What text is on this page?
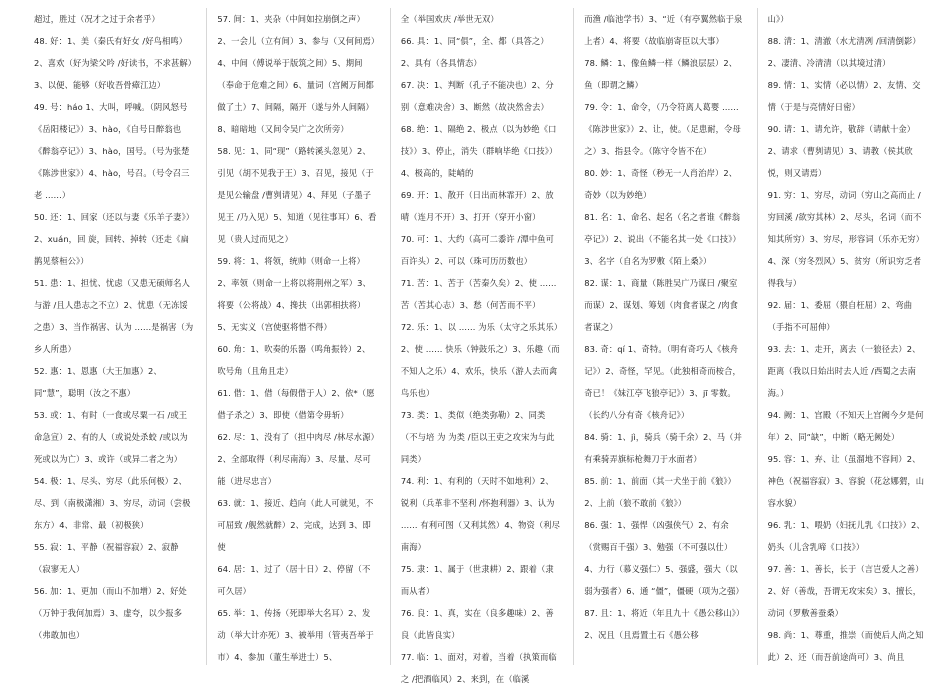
超过，胜过（况才之过于余者乎）

48. 好：1、美（秦氏有好女 /好鸟相鸣）2、喜欢（好为梁父吟 /好读书，不求甚解）3、以便、能够（好收吾骨瘴江边）

49. 号：háo 1、大叫，呼喊。（阴风怒号《岳阳楼记》）3、hào，《自号日醉翁也《醉翁亭记》）3、hào，国号。（号为张楚《陈涉世家》）4、hào，号召。（号令召三老 ……）

50. 还：1、回家（还以与妻《乐羊子妻》）2、xuán，回 旋，回转、掉转（还走《扁鹊见蔡桓公》）

51. 患：1、担忧、忧虑（又患无硕师名人与游 /且人患志之不立）2、忧患（无冻馁之患）3、当作祸害、认为 ……是祸害（为乡人所患）

52. 惠：1、恩惠（大王加惠）2、同“慧”，聪明（汝之不惠）

53. 或：1、有时（一食或尽粟一石 /或王命急宣）2、有的人（或说处杀蛟 /或以为死或以为亡）3、或许（或异二者之为）

54. 极：1、尽头、穷尽（此乐何极）2、尽、到（南极潇湘）3、穷尽，动词（尝极东方）4、非常、最（初极狭）

55. 寂：1、平静（祝福容寂）2、寂静（寂寥无人）

56. 加：1、更加（而山不加增）2、好处（万钟于我何加焉）3、虚夸，以少报多（弗敢加也）

57. 间：1、夹杂（中间如拉崩倒之声）2、一会儿（立有间）3、参与（又何间焉）4、中间（傅说举于版筑之间）5、期间（奉命于危难之间）6、量词（宫阙万间都做了土）7、间隔，隔开（遂与外人间隔）8、暗暗地（又间令吴广之次所旁）

58. 见：1、同“现”（路转溪头忽见）2、引见（胡不见我于王）3、召见，接见（于是见公输盘 /曹刿请见）4、拜见（子墨子见王 /乃入见）5、知道（见往事耳）6、看见（贵人过而见之）

59. 将：1、将领，统帅（则命一上将）2、率领（则命一上将以将荆州之军）3、将要（公将战）4、搀扶（出郭相扶将）5、无实义（宫使驱将惜不得）

60. 角：1、吹奏的乐器（鸣角振铃）2、吹号角（且角且走）

61. 借：1、借（每假借于人）2、依*（愿借子杀之）3、即使（借第令毋斩）

62. 尽：1、没有了（担中肉尽 /林尽水源）2、全部取得（利尽南海）3、尽量、尽可能（进尽忠言）

63. 就：1、接近、趋向（此人可就见，不可屈致 /舰然就醉）2、完成，达到 3、即使

64. 居：1、过了（居十日）2、停留（不可久居）

65. 举：1、传扬（死即举大名耳）2、发动（举大计亦死）3、被举用（管夷吾举于市）4、参加（董生举进士）5、

全（举国欢庆 /举世无双）

66. 具：1、同“俱”，全、都（具答之）2、具有（各具情态）

67. 决：1、判断（孔子不能决也）2、分别（意难决舍）3、断然（故决然舍去）

68. 绝：1、隔绝 2、极点（以为妙绝《口技》）3、停止，消失（群响毕绝《口技》）4、极高的，陡峭的

69. 开：1、散开（日出而林霏开）2、放晴（连月不开）3、打开（穿开小窗）

70. 可：1、大约（高可二黍许 /潭中鱼可百许头）2、可以（珠可历历数也）

71. 苦：1、苦于（苦秦久矣）2、使 …… 苦（苦其心志）3、愁（何苦而不平）

72. 乐：1、以 …… 为乐（太守之乐其乐）2、使 …… 快乐（钟鼓乐之）3、乐趣（而不知人之乐）4、欢乐，快乐（游人去而禽鸟乐也）

73. 类：1、类似（绝类弥勒）2、同类（不与培 为 为类 /臣以王吏之攻宋为与此同类）

74. 利：1、有利的（天时不如地利）2、锐利（兵革非不坚利 /怀抱利器）3、认为 …… 有利可图（又利其然）4、物资（利尽南海）

75. 隶：1、属于（世隶耕）2、跟着（隶而从者）

76. 良：1、真，实在（良多趣味）2、善良（此皆良实）

77. 临：1、面对，对着，当着（执策而临之 /把酒临风）2、来到，在（临溪

而渔 /临池学书）3、“近（有亭翼然临于泉上者）4、将要（故临崩寄臣以大事）

78. 鳞：1、像鱼鳞一样（鳞浪层层）2、鱼（即谓之鳞）

79. 令：1、命令，（乃令符离人葛婴 ……《陈涉世家》）2、让，使。（足患耐，令母之）3、指县令。（陈守令皆不在）

80. 妙：1、奇怪（秒无一人肖治岸）2、奇妙（以为妙绝）

81. 名：1、命名、起名（名之者谁《醉翁亭记》）2、说出（不能名其一处《口技》）3、名字（自名为罗敷《陌上桑》）

82. 谋：1、商量（陈胜吴广乃谋曰 /聚室而谋）2、谋划、筹划（肉食者谋之 /肉食者谋之）

83. 奇：qí 1、奇特。（明有奇巧人《核舟记》）2、奇怪，罕见。（此独相奇而桉合，奇已！《妹江亭飞狼亭记》）3、jī 零数。（长约八分有奇《核舟记》）

84. 骑：1、jì，骑兵（骑千余）2、马（并有乘骑弄旗标枪舞刀于水面者）

85. 前：1、前面（其一犬坐于前《狼》）2、上前（狼不敢前《狼》）

86. 强：1、强悍（凶强侠气）2、有余（赏赐百千强）3、勉强（不可强以仕）4、力行（慕义强仁）5、强盛，强大（以弱为强者）6、通 “僵”，僵硬（项为之强）

87. 且：1、将近（年且九十《愚公移山》）2、况且（且焉置土石《愚公移

山》）

88. 清：1、清澈（水尤清冽 /回清倒影）2、凄清、冷清清（以其境过清）

89. 情：1、实情（必以情）2、友情、交情（于是与亮情好日密）

90. 请：1、请允许，敬辞（请献十金）2、请求（曹刿请见）3、请教（侯其欣悦，则又请焉）

91. 穷：1、穷尽，动词（穷山之高而止 /穷回溪 /欲穷其林）2、尽头，名词（而不知其所穷）3、穷尽，形容词（乐亦无穷）4、深（穷冬烈风）5、贫穷（所识穷乏者得我与）

92. 届：1、委屈（猥自枉屈）2、弯曲（手指不可屈伸）

93. 去：1、走开，离去（一狼径去）2、距离（我以日始出时去人近 /西蜀之去南海。）

94. 阙：1、宫殿（不知天上宫阙今夕是何年）2、同“缺”，中断（略无阙处）

95. 容：1、弃、让（虽溜地不容间）2、神色（祝福容寂）3、容貌（花忿娜猬，山容水貌）

96. 乳：1、喂奶（妇抚儿乳《口技》）2、奶头（儿含乳啼《口技》）

97. 善：1、善长，长于（言岂爱人之善）2、好（善哉，吾谓无攻宋矣）3、擅长，动词（罗敷善蚕桑）

98. 尚：1、尊重，推崇（而使后人尚之知此）2、还（而吾前途尚可）3、尚且
